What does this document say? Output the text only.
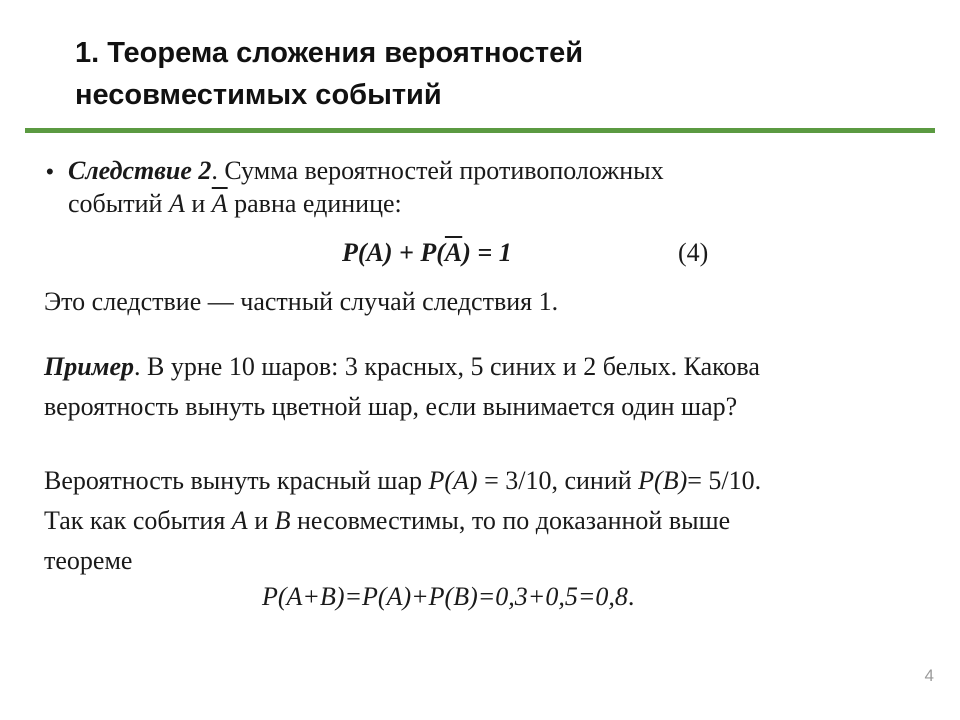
1. Теорема сложения вероятностей
несовместимых событий
• Следствие 2. Сумма вероятностей противоположных
событий A и $\overline{A}$ равна единице:
$P(A) + P(\overline{A}) = 1$	(4)
Это следствие — частный случай следствия 1.
Пример. В урне 10 шаров: 3 красных, 5 синих и 2 белых. Какова
вероятность вынуть цветной шар, если вынимается один шар?
Вероятность вынуть красный шар P(A) = 3/10, синий P(B)= 5/10.
Так как события A и B несовместимы, то по доказанной выше
теореме
P(A+B)=P(A)+P(B)=0,3+0,5=0,8.
4
